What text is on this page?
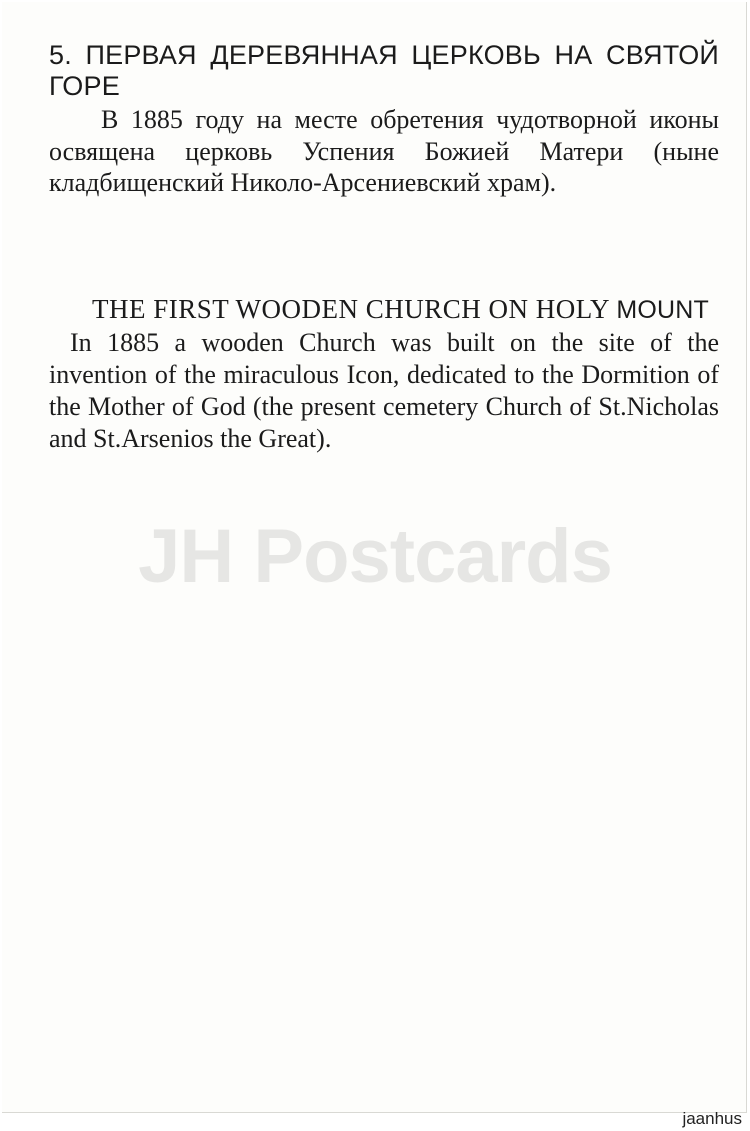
5. ПЕРВАЯ ДЕРЕВЯННАЯ ЦЕРКОВЬ НА СВЯТОЙ ГОРЕ

В 1885 году на месте обретения чудотворной иконы освящена церковь Успения Божией Матери (ныне кладбищенский Николо-Арсениевский храм).

THE FIRST WOODEN CHURCH ON HOLY MOUNT

In 1885 a wooden Church was built on the site of the invention of the miraculous Icon, dedicated to the Dormition of the Mother of God (the present cemetery Church of St.Nicholas and St.Arsenios the Great).

jaanhus
